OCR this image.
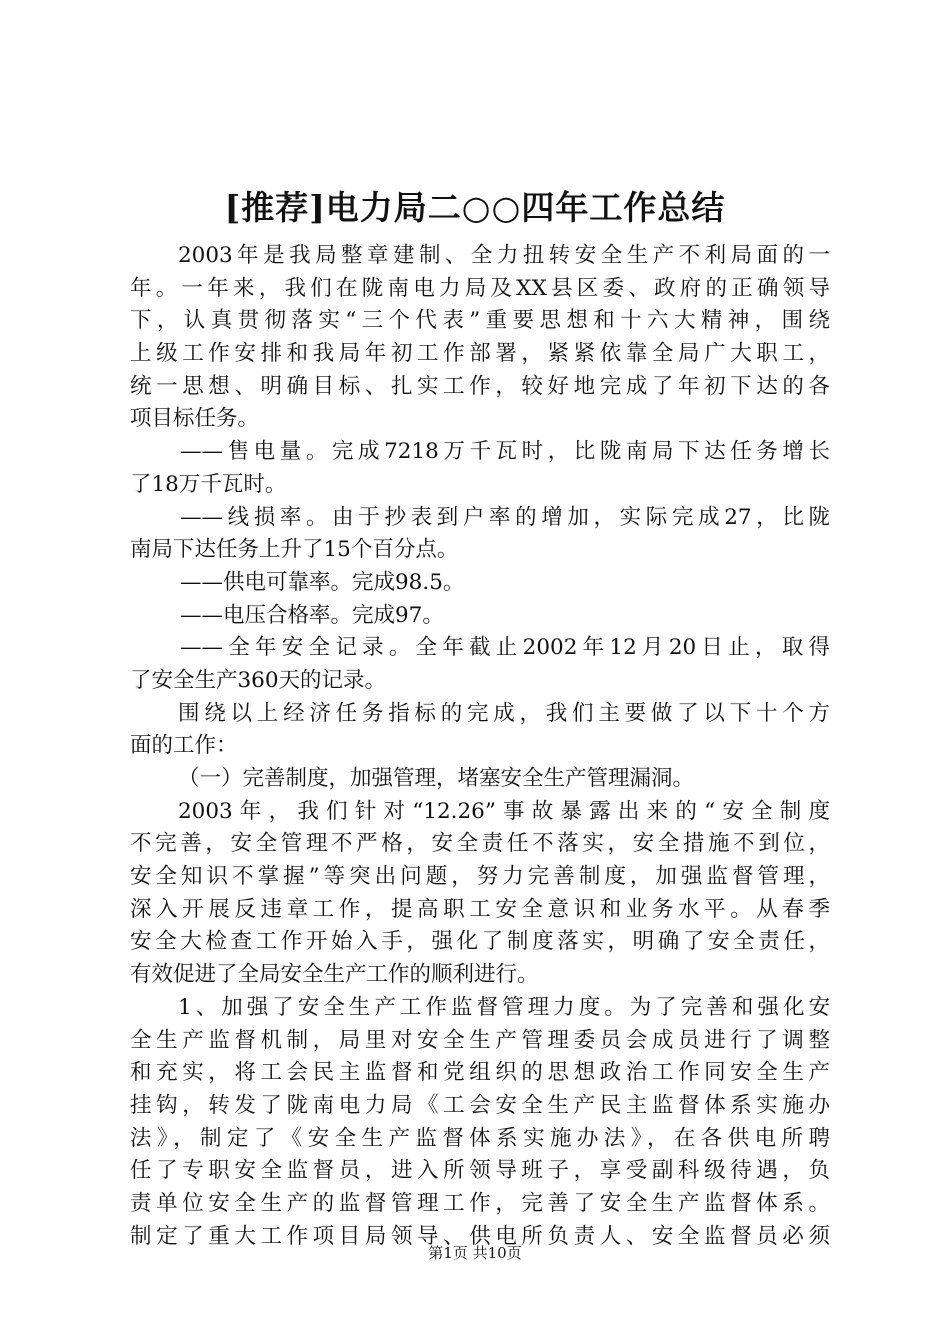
[推荐]电力局二○○四年工作总结
2003年是我局整章建制、全力扭转安全生产不利局面的一
年。一年来，我们在陇南电力局及XX县区委、政府的正确领导
下，认真贯彻落实“三个代表”重要思想和十六大精神，围绕
上级工作安排和我局年初工作部署，紧紧依靠全局广大职工，
统一思想、明确目标、扎实工作，较好地完成了年初下达的各
项目标任务。
——售电量。完成7218万千瓦时，比陇南局下达任务增长
了18万千瓦时。
——线损率。由于抄表到户率的增加，实际完成27，比陇
南局下达任务上升了15个百分点。
——供电可靠率。完成98.5。
——电压合格率。完成97。
——全年安全记录。全年截止2002年12月20日止，取得
了安全生产360天的记录。
围绕以上经济任务指标的完成，我们主要做了以下十个方
面的工作：
（一）完善制度，加强管理，堵塞安全生产管理漏洞。
2003年，我们针对“12.26”事故暴露出来的“安全制度
不完善，安全管理不严格，安全责任不落实，安全措施不到位，
安全知识不掌握”等突出问题，努力完善制度，加强监督管理，
深入开展反违章工作，提高职工安全意识和业务水平。从春季
安全大检查工作开始入手，强化了制度落实，明确了安全责任，
有效促进了全局安全生产工作的顺利进行。
1、加强了安全生产工作监督管理力度。为了完善和强化安
全生产监督机制，局里对安全生产管理委员会成员进行了调整
和充实，将工会民主监督和党组织的思想政治工作同安全生产
挂钩，转发了陇南电力局《工会安全生产民主监督体系实施办
法》，制定了《安全生产监督体系实施办法》，在各供电所聘
任了专职安全监督员，进入所领导班子，享受副科级待遇，负
责单位安全生产的监督管理工作，完善了安全生产监督体系。
制定了重大工作项目局领导、供电所负责人、安全监督员必须
第1页 共10页
